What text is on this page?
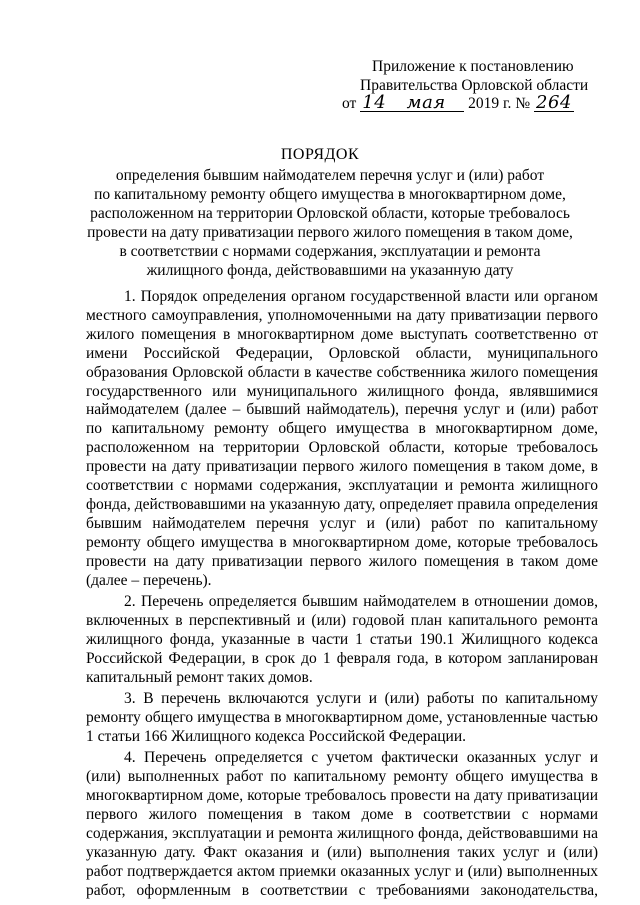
Приложение к постановлению
Правительства Орловской области
от 14 мая 2019 г. № 264
ПОРЯДОК
определения бывшим наймодателем перечня услуг и (или) работ
по капитальному ремонту общего имущества в многоквартирном доме,
расположенном на территории Орловской области, которые требовалось
провести на дату приватизации первого жилого помещения в таком доме,
в соответствии с нормами содержания, эксплуатации и ремонта
жилищного фонда, действовавшими на указанную дату

1. Порядок определения органом государственной власти или органом местного самоуправления, уполномоченными на дату приватизации первого жилого помещения в многоквартирном доме выступать соответственно от имени Российской Федерации, Орловской области, муниципального образования Орловской области в качестве собственника жилого помещения государственного или муниципального жилищного фонда, являвшимися наймодателем (далее – бывший наймодатель), перечня услуг и (или) работ по капитальному ремонту общего имущества в многоквартирном доме, расположенном на территории Орловской области, которые требовалось провести на дату приватизации первого жилого помещения в таком доме, в соответствии с нормами содержания, эксплуатации и ремонта жилищного фонда, действовавшими на указанную дату, определяет правила определения бывшим наймодателем перечня услуг и (или) работ по капитальному ремонту общего имущества в многоквартирном доме, которые требовалось провести на дату приватизации первого жилого помещения в таком доме (далее – перечень).

2. Перечень определяется бывшим наймодателем в отношении домов, включенных в перспективный и (или) годовой план капитального ремонта жилищного фонда, указанные в части 1 статьи 190.1 Жилищного кодекса Российской Федерации, в срок до 1 февраля года, в котором запланирован капитальный ремонт таких домов.

3. В перечень включаются услуги и (или) работы по капитальному ремонту общего имущества в многоквартирном доме, установленные частью 1 статьи 166 Жилищного кодекса Российской Федерации.

4. Перечень определяется с учетом фактически оказанных услуг и (или) выполненных работ по капитальному ремонту общего имущества в многоквартирном доме, которые требовалось провести на дату приватизации первого жилого помещения в таком доме в соответствии с нормами содержания, эксплуатации и ремонта жилищного фонда, действовавшими на указанную дату. Факт оказания и (или) выполнения таких услуг и (или) работ подтверждается актом приемки оказанных услуг и (или) выполненных работ, оформленным в соответствии с требованиями законодательства,
